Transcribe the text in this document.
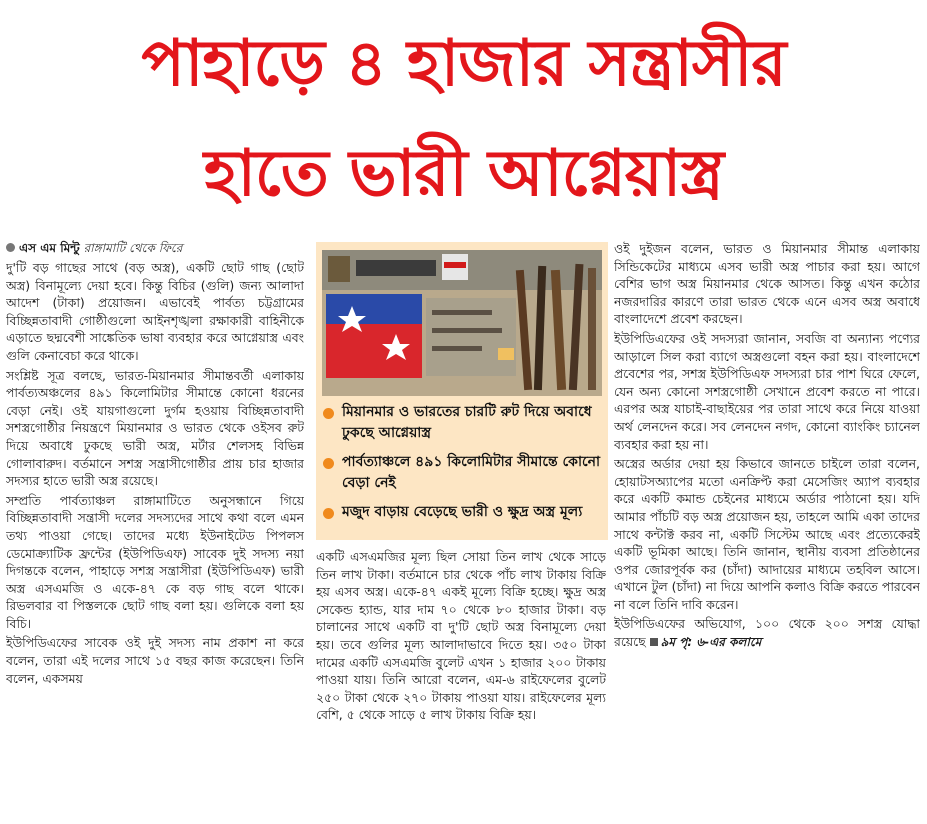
পাহাড়ে ৪ হাজার সন্ত্রাসীর
হাতে ভারী আগ্নেয়াস্ত্র
এস এম মিন্টু রাঙ্গামাটি থেকে ফিরে

দু'টি বড় গাছের সাথে (বড় অস্ত্র), একটি ছোট গাছ (ছোট অস্ত্র) বিনামূল্যে দেয়া হবে। কিন্তু বিচির (গুলি) জন্য আলাদা আদেশ (টাকা) প্রয়োজন। এভাবেই পার্বত্য চট্টগ্রামের বিচ্ছিন্নতাবাদী গোষ্ঠীগুলো আইনশৃঙ্খলা রক্ষাকারী বাহিনীকে এড়াতে ছদ্মবেশী সাঙ্কেতিক ভাষা ব্যবহার করে আগ্নেয়াস্ত্র এবং গুলি কেনাবেচা করে থাকে।

সংশ্লিষ্ট সূত্র বলছে, ভারত-মিয়ানমার সীমান্তবর্তী এলাকায় পার্বত্যঅঞ্চলের ৪৯১ কিলোমিটার সীমান্তে কোনো ধরনের বেড়া নেই। ওই যায়গাগুলো দুর্গম হওয়ায় বিচ্ছিন্নতাবাদী সশস্ত্রগোষ্ঠীর নিয়ন্ত্রণে মিয়ানমার ও ভারত থেকে ওইসব রুট দিয়ে অবাধে ঢুকছে ভারী অস্ত্র, মর্টার শেলসহ বিভিন্ন গোলাবারুদ। বর্তমানে সশস্ত্র সন্ত্রাসীগোষ্ঠীর প্রায় চার হাজার সদস্যর হাতে ভারী অস্ত্র রয়েছে।

সম্প্রতি পার্বত্যাঞ্চল রাঙ্গামাটিতে অনুসন্ধানে গিয়ে বিচ্ছিন্নতাবাদী সন্ত্রাসী দলের সদস্যদের সাথে কথা বলে এমন তথ্য পাওয়া গেছে। তাদের মধ্যে ইউনাইটেড পিপলস ডেমোক্র্যাটিক ফ্রন্টের (ইউপিডিএফ) সাবেক দুই সদস্য নয়া দিগন্তকে বলেন, পাহাড়ে সশস্ত্র সন্ত্রাসীরা (ইউপিডিএফ) ভারী অস্ত্র এসএমজি ও একে-৪৭ কে বড় গাছ বলে থাকে। রিভলবার বা পিস্তলকে ছোট গাছ বলা হয়। গুলিকে বলা হয় বিচি।

ইউপিডিএফের সাবেক ওই দুই সদস্য নাম প্রকাশ না করে বলেন, তারা এই দলের সাথে ১৫ বছর কাজ করেছেন। তিনি বলেন, একসময়

মিয়ানমার ও ভারতের চারটি রুট দিয়ে অবাধে ঢুকছে আগ্নেয়াস্ত্র
পার্বত্যাঞ্চলে ৪৯১ কিলোমিটার সীমান্তে কোনো বেড়া নেই
মজুদ বাড়ায় বেড়েছে ভারী ও ক্ষুদ্র অস্ত্র মূল্য

একটি এসএমজির মূল্য ছিল সোয়া তিন লাখ থেকে সাড়ে তিন লাখ টাকা। বর্তমানে চার থেকে পাঁচ লাখ টাকায় বিক্রি হয় এসব অস্ত্র। একে-৪৭ একই মূল্যে বিক্রি হচ্ছে। ক্ষুদ্র অস্ত্র সেকেন্ড হ্যান্ড, যার দাম ৭০ থেকে ৮০ হাজার টাকা। বড় চালানের সাথে একটি বা দু'টি ছোট অস্ত্র বিনামূল্যে দেয়া হয়। তবে গুলির মূল্য আলাদাভাবে দিতে হয়। ৩৫০ টাকা দামের একটি এসএমজি বুলেট এখন ১ হাজার ২০০ টাকায় পাওয়া যায়। তিনি আরো বলেন, এম-৬ রাইফেলের বুলেট ২৫০ টাকা থেকে ২৭০ টাকায় পাওয়া যায়। রাইফেলের মূল্য বেশি, ৫ থেকে সাড়ে ৫ লাখ টাকায় বিক্রি হয়।

ওই দুইজন বলেন, ভারত ও মিয়ানমার সীমান্ত এলাকায় সিন্ডিকেটের মাধ্যমে এসব ভারী অস্ত্র পাচার করা হয়। আগে বেশির ভাগ অস্ত্র মিয়ানমার থেকে আসত। কিন্তু এখন কঠোর নজরদারির কারণে তারা ভারত থেকে এনে এসব অস্ত্র অবাধে বাংলাদেশে প্রবেশ করছেন।

ইউপিডিএফের ওই সদস্যরা জানান, সবজি বা অন্যান্য পণ্যের আড়ালে সিল করা ব্যাগে অস্ত্রগুলো বহন করা হয়। বাংলাদেশে প্রবেশের পর, সশস্ত্র ইউপিডিএফ সদস্যরা চার পাশ ঘিরে ফেলে, যেন অন্য কোনো সশস্ত্রগোষ্ঠী সেখানে প্রবেশ করতে না পারে। এরপর অস্ত্র যাচাই-বাছাইয়ের পর তারা সাথে করে নিয়ে যাওয়া অর্থ লেনদেন করে। সব লেনদেন নগদ, কোনো ব্যাংকিং চ্যানেল ব্যবহার করা হয় না।

অস্ত্রের অর্ডার দেয়া হয় কিভাবে জানতে চাইলে তারা বলেন, হোয়াটসঅ্যাপের মতো এনক্রিপ্ট করা মেসেজিং অ্যাপ ব্যবহার করে একটি কমান্ড চেইনের মাধ্যমে অর্ডার পাঠানো হয়। যদি আমার পাঁচটি বড় অস্ত্র প্রয়োজন হয়, তাহলে আমি একা তাদের সাথে কন্টাক্ট করব না, একটি সিস্টেম আছে এবং প্রত্যেকেরই একটি ভূমিকা আছে। তিনি জানান, স্থানীয় ব্যবসা প্রতিষ্ঠানের ওপর জোরপূর্বক কর (চাঁদা) আদায়ের মাধ্যমে তহবিল আসে। এখানে টুল (চাঁদা) না দিয়ে আপনি কলাও বিক্রি করতে পারবেন না বলে তিনি দাবি করেন।

ইউপিডিএফের অভিযোগ, ১০০ থেকে ২০০ সশস্ত্র যোদ্ধা রয়েছে ৯ম পৃ: ৬-এর কলামে
